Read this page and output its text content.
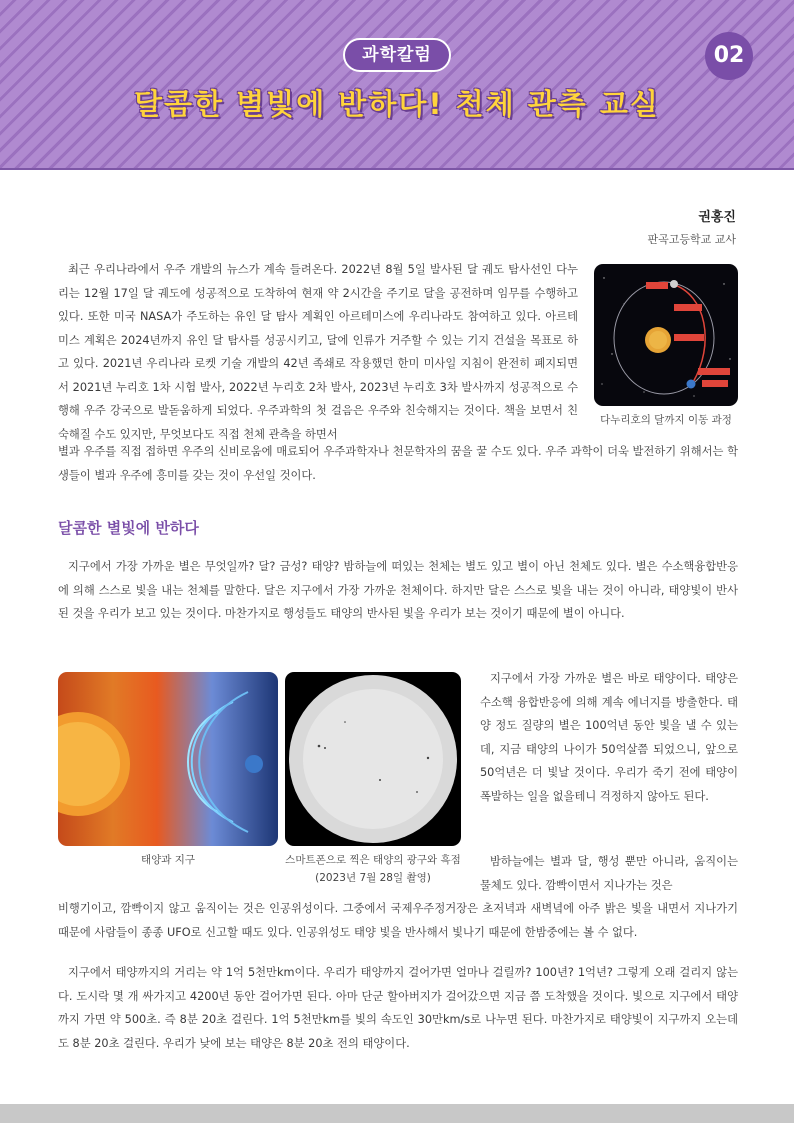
과학칼럼	02
달콤한 별빛에 반하다! 천체 관측 교실
권홍진
판곡고등학교 교사

최근 우리나라에서 우주 개발의 뉴스가 계속 들려온다. 2022년 8월 5일 발사된 달 궤도 탐사선인 다누리는 12월 17일 달 궤도에 성공적으로 도착하여 현재 약 2시간을 주기로 달을 공전하며 임무를 수행하고 있다. 또한 미국 NASA가 주도하는 유인 달 탐사 계획인 아르테미스에 우리나라도 참여하고 있다. 아르테미스 계획은 2024년까지 유인 달 탐사를 성공시키고, 달에 인류가 거주할 수 있는 기지 건설을 목표로 하고 있다. 2021년 우리나라 로켓 기술 개발의 42년 족쇄로 작용했던 한미 미사일 지침이 완전히 폐지되면서 2021년 누리호 1차 시험 발사, 2022년 누리호 2차 발사, 2023년 누리호 3차 발사까지 성공적으로 수행해 우주 강국으로 발돋움하게 되었다. 우주과학의 첫 걸음은 우주와 친숙해지는 것이다. 책을 보면서 친숙해질 수도 있지만, 무엇보다도 직접 천체 관측을 하면서

별과 우주를 직접 접하면 우주의 신비로움에 매료되어 우주과학자나 천문학자의 꿈을 꿀 수도 있다. 우주 과학이 더욱 발전하기 위해서는 학생들이 별과 우주에 흥미를 갖는 것이 우선일 것이다.

다누리호의 달까지 이동 과정
달콤한 별빛에 반하다

지구에서 가장 가까운 별은 무엇일까? 달? 금성? 태양? 밤하늘에 떠있는 천체는 별도 있고 별이 아닌 천체도 있다. 별은 수소핵융합반응에 의해 스스로 빛을 내는 천체를 말한다. 달은 지구에서 가장 가까운 천체이다. 하지만 달은 스스로 빛을 내는 것이 아니라, 태양빛이 반사된 것을 우리가 보고 있는 것이다. 마찬가지로 행성들도 태양의 반사된 빛을 우리가 보는 것이기 때문에 별이 아니다.

태양과 지구	스마트폰으로 찍은 태양의 광구와 흑점
(2023년 7월 28일 촬영)

지구에서 가장 가까운 별은 바로 태양이다. 태양은 수소핵 융합반응에 의해 계속 에너지를 방출한다. 태양 정도 질량의 별은 100억년 동안 빛을 낼 수 있는데, 지금 태양의 나이가 50억살쯤 되었으니, 앞으로 50억년은 더 빛날 것이다. 우리가 죽기 전에 태양이 폭발하는 일을 없을테니 걱정하지 않아도 된다.

밤하늘에는 별과 달, 행성 뿐만 아니라, 움직이는 물체도 있다. 깜빡이면서 지나가는 것은

비행기이고, 깜빡이지 않고 움직이는 것은 인공위성이다. 그중에서 국제우주정거장은 초저녁과 새벽녘에 아주 밝은 빛을 내면서 지나가기 때문에 사람들이 종종 UFO로 신고할 때도 있다. 인공위성도 태양 빛을 반사해서 빛나기 때문에 한밤중에는 볼 수 없다.

지구에서 태양까지의 거리는 약 1억 5천만km이다. 우리가 태양까지 걸어가면 얼마나 걸릴까? 100년? 1억년? 그렇게 오래 걸리지 않는다. 도시락 몇 개 싸가지고 4200년 동안 걸어가면 된다. 아마 단군 할아버지가 걸어갔으면 지금 쯤 도착했을 것이다. 빛으로 지구에서 태양까지 가면 약 500초. 즉 8분 20초 걸린다. 1억 5천만km를 빛의 속도인 30만km/s로 나누면 된다. 마찬가지로 태양빛이 지구까지 오는데도 8분 20초 걸린다. 우리가 낮에 보는 태양은 8분 20초 전의 태양이다.
